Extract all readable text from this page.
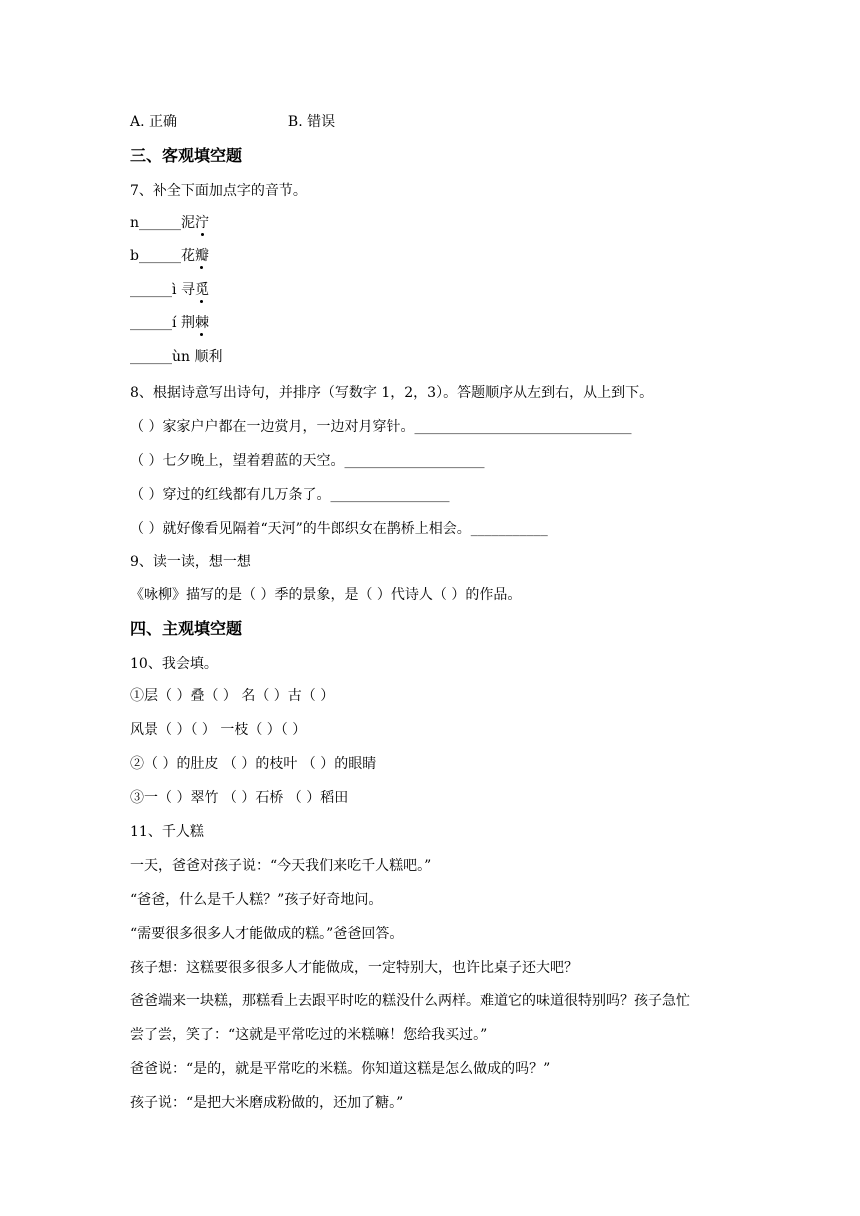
A. 正确	B. 错误
三、客观填空题
7、补全下面加点字的音节。
n______泥泞
b______花瓣
______ì 寻觅
______í 荆棘
______ùn 顺利
8、根据诗意写出诗句，并排序（写数字 1，2，3）。答题顺序从左到右，从上到下。
（ ）家家户户都在一边赏月，一边对月穿针。_______________________________
（ ）七夕晚上，望着碧蓝的天空。____________________
（ ）穿过的红线都有几万条了。_________________
（ ）就好像看见隔着“天河”的牛郎织女在鹊桥上相会。___________
9、读一读，想一想
《咏柳》描写的是（ ）季的景象，是（ ）代诗人（ ）的作品。
四、主观填空题
10、我会填。
①层（ ）叠（ ） 名（ ）古（ ）
风景（ ）（ ） 一枝（ ）（ ）
②（ ）的肚皮 （ ）的枝叶 （ ）的眼睛
③一（ ）翠竹 （ ）石桥 （ ）稻田
11、千人糕
一天，爸爸对孩子说：“今天我们来吃千人糕吧。”
“爸爸，什么是千人糕？”孩子好奇地问。
“需要很多很多人才能做成的糕。”爸爸回答。
孩子想：这糕要很多很多人才能做成，一定特别大，也许比桌子还大吧？
爸爸端来一块糕，那糕看上去跟平时吃的糕没什么两样。难道它的味道很特别吗？孩子急忙
尝了尝，笑了：“这就是平常吃过的米糕嘛！您给我买过。”
爸爸说：“是的，就是平常吃的米糕。你知道这糕是怎么做成的吗？”
孩子说：“是把大米磨成粉做的，还加了糖。”
